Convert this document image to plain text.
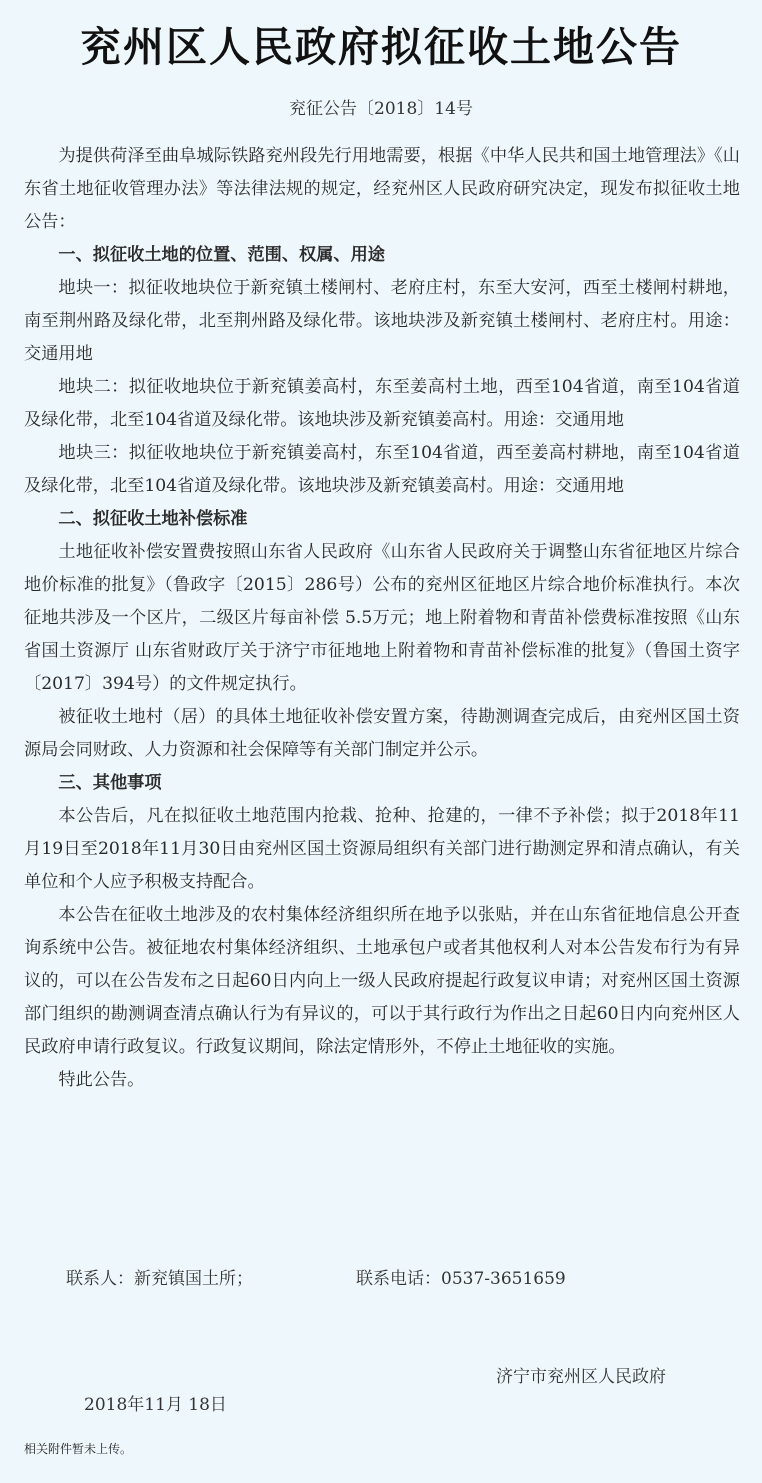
兖州区人民政府拟征收土地公告
兖征公告〔2018〕14号

为提供荷泽至曲阜城际铁路兖州段先行用地需要，根据《中华人民共和国土地管理法》《山东省土地征收管理办法》等法律法规的规定，经兖州区人民政府研究决定，现发布拟征收土地公告：

一、拟征收土地的位置、范围、权属、用途

地块一：拟征收地块位于新兖镇土楼闸村、老府庄村，东至大安河，西至土楼闸村耕地，南至荆州路及绿化带，北至荆州路及绿化带。该地块涉及新兖镇土楼闸村、老府庄村。用途：交通用地

地块二：拟征收地块位于新兖镇姜高村，东至姜高村土地，西至104省道，南至104省道及绿化带，北至104省道及绿化带。该地块涉及新兖镇姜高村。用途：交通用地

地块三：拟征收地块位于新兖镇姜高村，东至104省道，西至姜高村耕地，南至104省道及绿化带，北至104省道及绿化带。该地块涉及新兖镇姜高村。用途：交通用地

二、拟征收土地补偿标准

土地征收补偿安置费按照山东省人民政府《山东省人民政府关于调整山东省征地区片综合地价标准的批复》（鲁政字〔2015〕286号）公布的兖州区征地区片综合地价标准执行。本次征地共涉及一个区片，二级区片每亩补偿 5.5万元；地上附着物和青苗补偿费标准按照《山东省国土资源厅 山东省财政厅关于济宁市征地地上附着物和青苗补偿标准的批复》（鲁国土资字〔2017〕394号）的文件规定执行。

被征收土地村（居）的具体土地征收补偿安置方案，待勘测调查完成后，由兖州区国土资源局会同财政、人力资源和社会保障等有关部门制定并公示。

三、其他事项

本公告后，凡在拟征收土地范围内抢栽、抢种、抢建的，一律不予补偿；拟于2018年11月19日至2018年11月30日由兖州区国土资源局组织有关部门进行勘测定界和清点确认，有关单位和个人应予积极支持配合。

本公告在征收土地涉及的农村集体经济组织所在地予以张贴，并在山东省征地信息公开查询系统中公告。被征地农村集体经济组织、土地承包户或者其他权利人对本公告发布行为有异议的，可以在公告发布之日起60日内向上一级人民政府提起行政复议申请；对兖州区国土资源部门组织的勘测调查清点确认行为有异议的，可以于其行政行为作出之日起60日内向兖州区人民政府申请行政复议。行政复议期间，除法定情形外，不停止土地征收的实施。

特此公告。

联系人：新兖镇国土所；	联系电话：0537-3651659
济宁市兖州区人民政府
2018年11月 18日
相关附件暂未上传。
